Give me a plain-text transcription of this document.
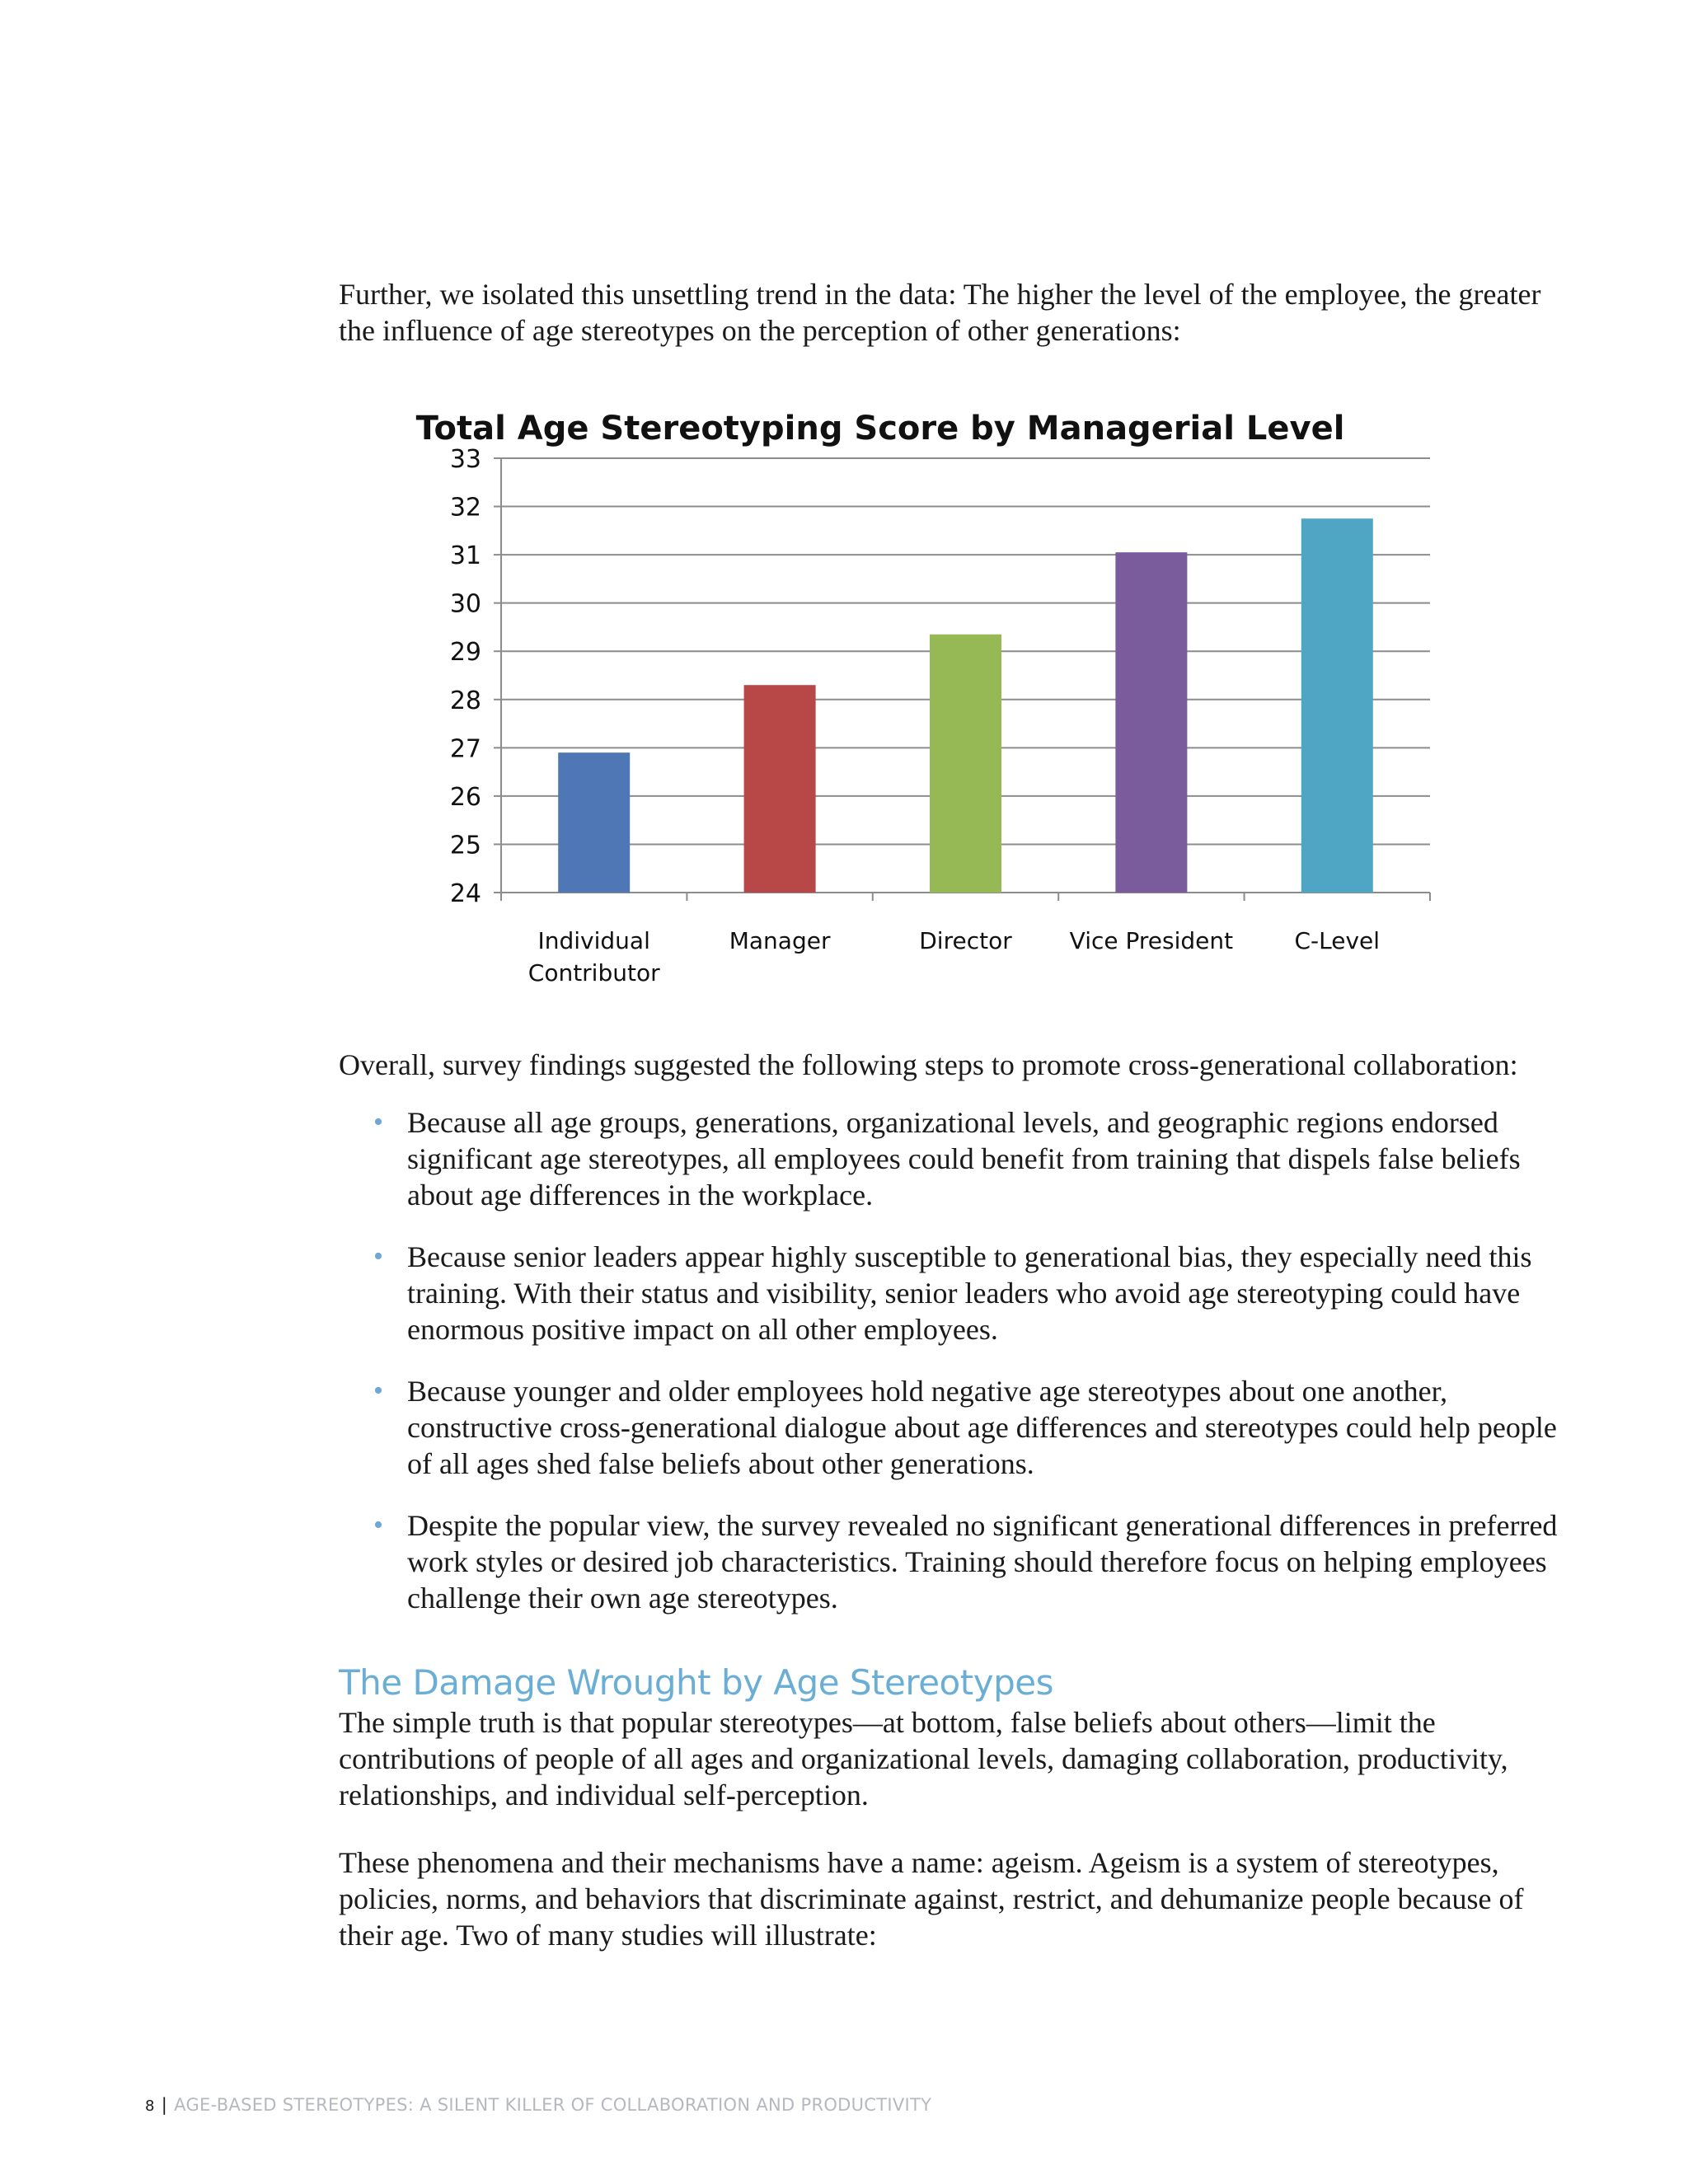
Further, we isolated this unsettling trend in the data: The higher the level of the employee, the greater the influence of age stereotypes on the perception of other generations:

Total Age Stereotyping Score by Managerial Level
24
25
26
27
28
29
30
31
32
33
Individual
Contributor
Manager	Director Vice President	C-Level

Overall, survey findings suggested the following steps to promote cross-generational collaboration:

• Because all age groups, generations, organizational levels, and geographic regions endorsed significant age stereotypes, all employees could benefit from training that dispels false beliefs about age differences in the workplace.
• Because senior leaders appear highly susceptible to generational bias, they especially need this training. With their status and visibility, senior leaders who avoid age stereotyping could have enormous positive impact on all other employees.
• Because younger and older employees hold negative age stereotypes about one another, constructive cross-generational dialogue about age differences and stereotypes could help people of all ages shed false beliefs about other generations.
• Despite the popular view, the survey revealed no significant generational differences in preferred work styles or desired job characteristics. Training should therefore focus on helping employees challenge their own age stereotypes.
The Damage Wrought by Age Stereotypes

The simple truth is that popular stereotypes—at bottom, false beliefs about others—limit the contributions of people of all ages and organizational levels, damaging collaboration, productivity, relationships, and individual self-perception.

These phenomena and their mechanisms have a name: ageism. Ageism is a system of stereotypes, policies, norms, and behaviors that discriminate against, restrict, and dehumanize people because of their age. Two of many studies will illustrate:

8 | AGE-BASED STEREOTYPES: A SILENT KILLER OF COLLABORATION AND PRODUCTIVITY
